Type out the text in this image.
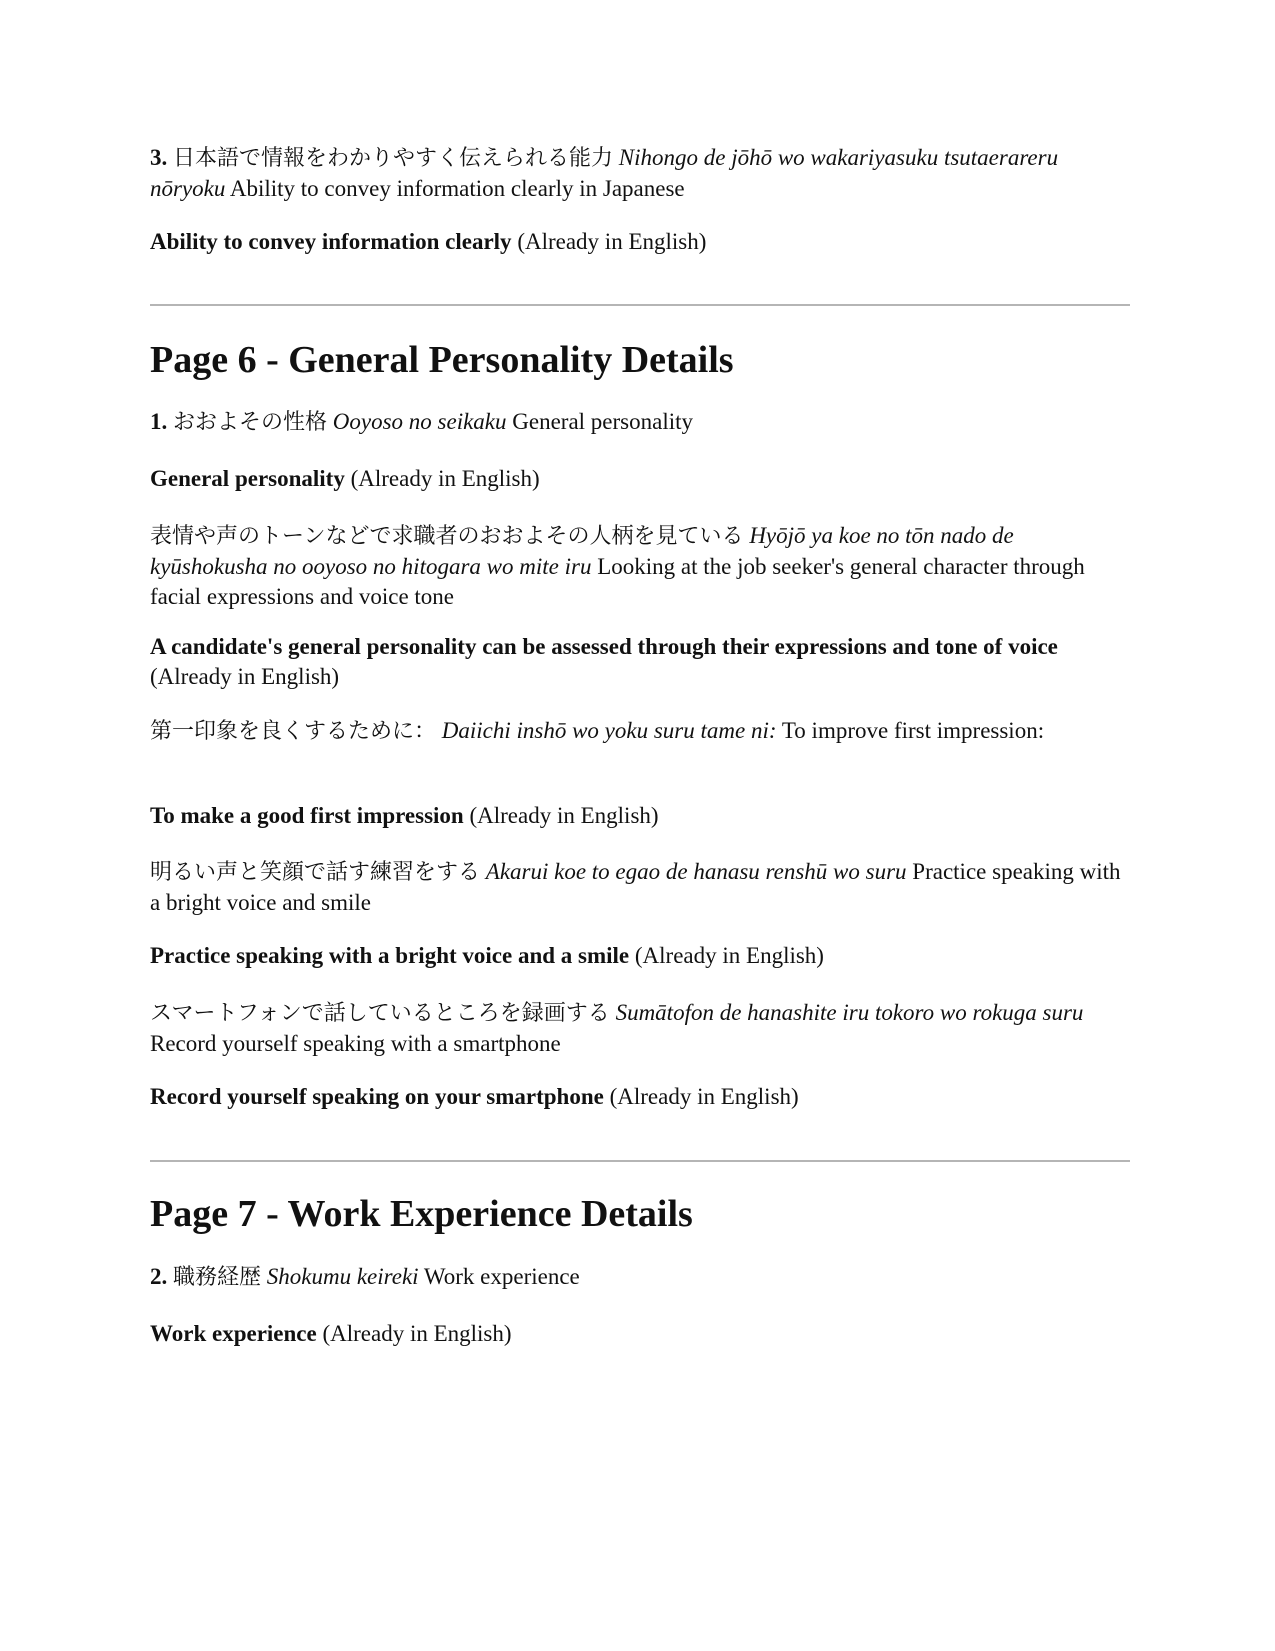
3. 日本語で情報をわかりやすく伝えられる能力 Nihongo de jōhō wo wakariyasuku tsutaerareru nōryoku Ability to convey information clearly in Japanese

Ability to convey information clearly (Already in English)

Page 6 - General Personality Details

1. おおよその性格 Ooyoso no seikaku General personality

General personality (Already in English)

表情や声のトーンなどで求職者のおおよその人柄を見ている Hyōjō ya koe no tōn nado de kyūshokusha no ooyoso no hitogara wo mite iru Looking at the job seeker's general character through facial expressions and voice tone

A candidate's general personality can be assessed through their expressions and tone of voice (Already in English)

第一印象を良くするために： Daiichi inshō wo yoku suru tame ni: To improve first impression:

To make a good first impression (Already in English)

明るい声と笑顔で話す練習をする Akarui koe to egao de hanasu renshū wo suru Practice speaking with a bright voice and smile

Practice speaking with a bright voice and a smile (Already in English)

スマートフォンで話しているところを録画する Sumātofon de hanashite iru tokoro wo rokuga suru Record yourself speaking with a smartphone

Record yourself speaking on your smartphone (Already in English)

Page 7 - Work Experience Details

2. 職務経歴 Shokumu keireki Work experience

Work experience (Already in English)
